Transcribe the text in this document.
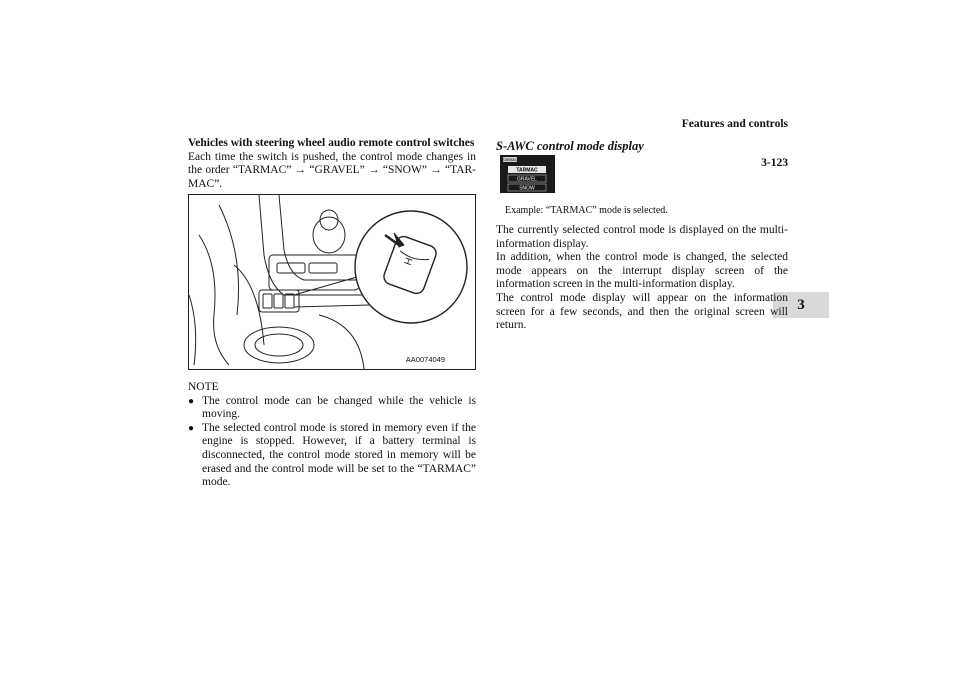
Features and controls
3-123
3
Vehicles with steering wheel audio remote control switches
Each time the switch is pushed, the control mode changes in the order “TARMAC” → “GRAVEL” → “SNOW” → “TAR-MAC”.
H
AA0074049
NOTE
● The control mode can be changed while the vehicle is moving.
● The selected control mode is stored in memory even if the engine is stopped. However, if a battery terminal is disconnected, the control mode stored in memory will be erased and the control mode will be set to the “TARMAC” mode.
S-AWC control mode display
TARMAC
TARMAC
GRAVEL
SNOW
Example: “TARMAC” mode is selected.
The currently selected control mode is displayed on the multi-information display.
In addition, when the control mode is changed, the selected mode appears on the interrupt display screen of the information screen in the multi-information display.
The control mode display will appear on the information screen for a few seconds, and then the original screen will return.
